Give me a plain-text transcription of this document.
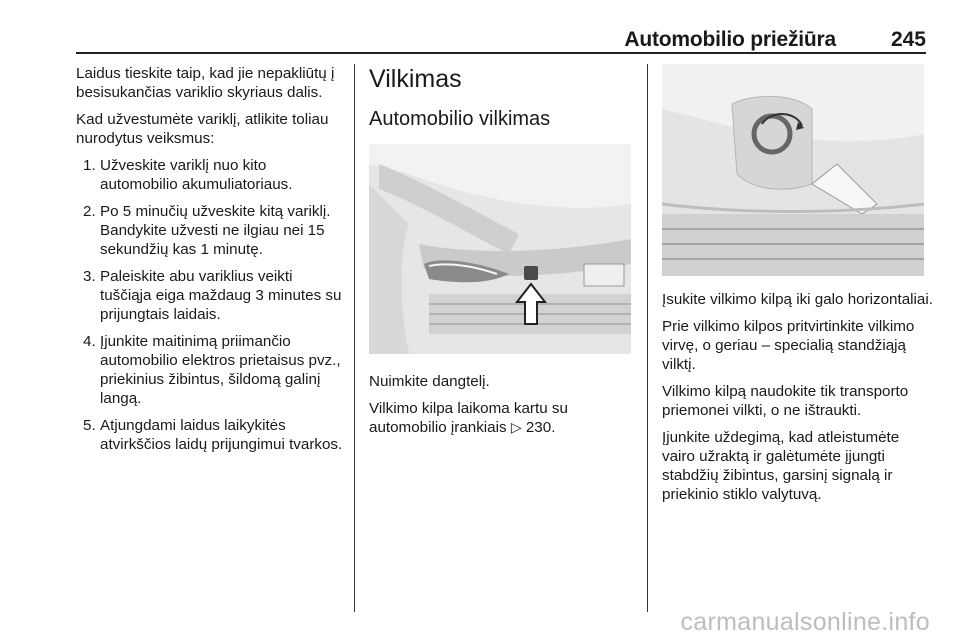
Automobilio priežiūra	245

Laidus tieskite taip, kad jie nepakliūtų į besisukančias variklio skyriaus dalis.

Kad užvestumėte variklį, atlikite toliau nurodytus veiksmus:

1. Užveskite variklį nuo kito automobilio akumuliatoriaus.
2. Po 5 minučių užveskite kitą variklį. Bandykite užvesti ne ilgiau nei 15 sekundžių kas 1 minutę.
3. Paleiskite abu variklius veikti tuščiąja eiga maždaug 3 minutes su prijungtais laidais.
4. Įjunkite maitinimą priimančio automobilio elektros prietaisus pvz., priekinius žibintus, šildomą galinį langą.
5. Atjungdami laidus laikykitės atvirkščios laidų prijungimui tvarkos.
Vilkimas
Automobilio vilkimas

Nuimkite dangtelį.

Vilkimo kilpa laikoma kartu su automobilio įrankiais ▷ 230.

Įsukite vilkimo kilpą iki galo horizontaliai.

Prie vilkimo kilpos pritvirtinkite vilkimo virvę, o geriau – specialią standžiąją vilktį.

Vilkimo kilpą naudokite tik transporto priemonei vilkti, o ne ištraukti.

Įjunkite uždegimą, kad atleistumėte vairo užraktą ir galėtumėte įjungti stabdžių žibintus, garsinį signalą ir priekinio stiklo valytuvą.

carmanualsonline.info
